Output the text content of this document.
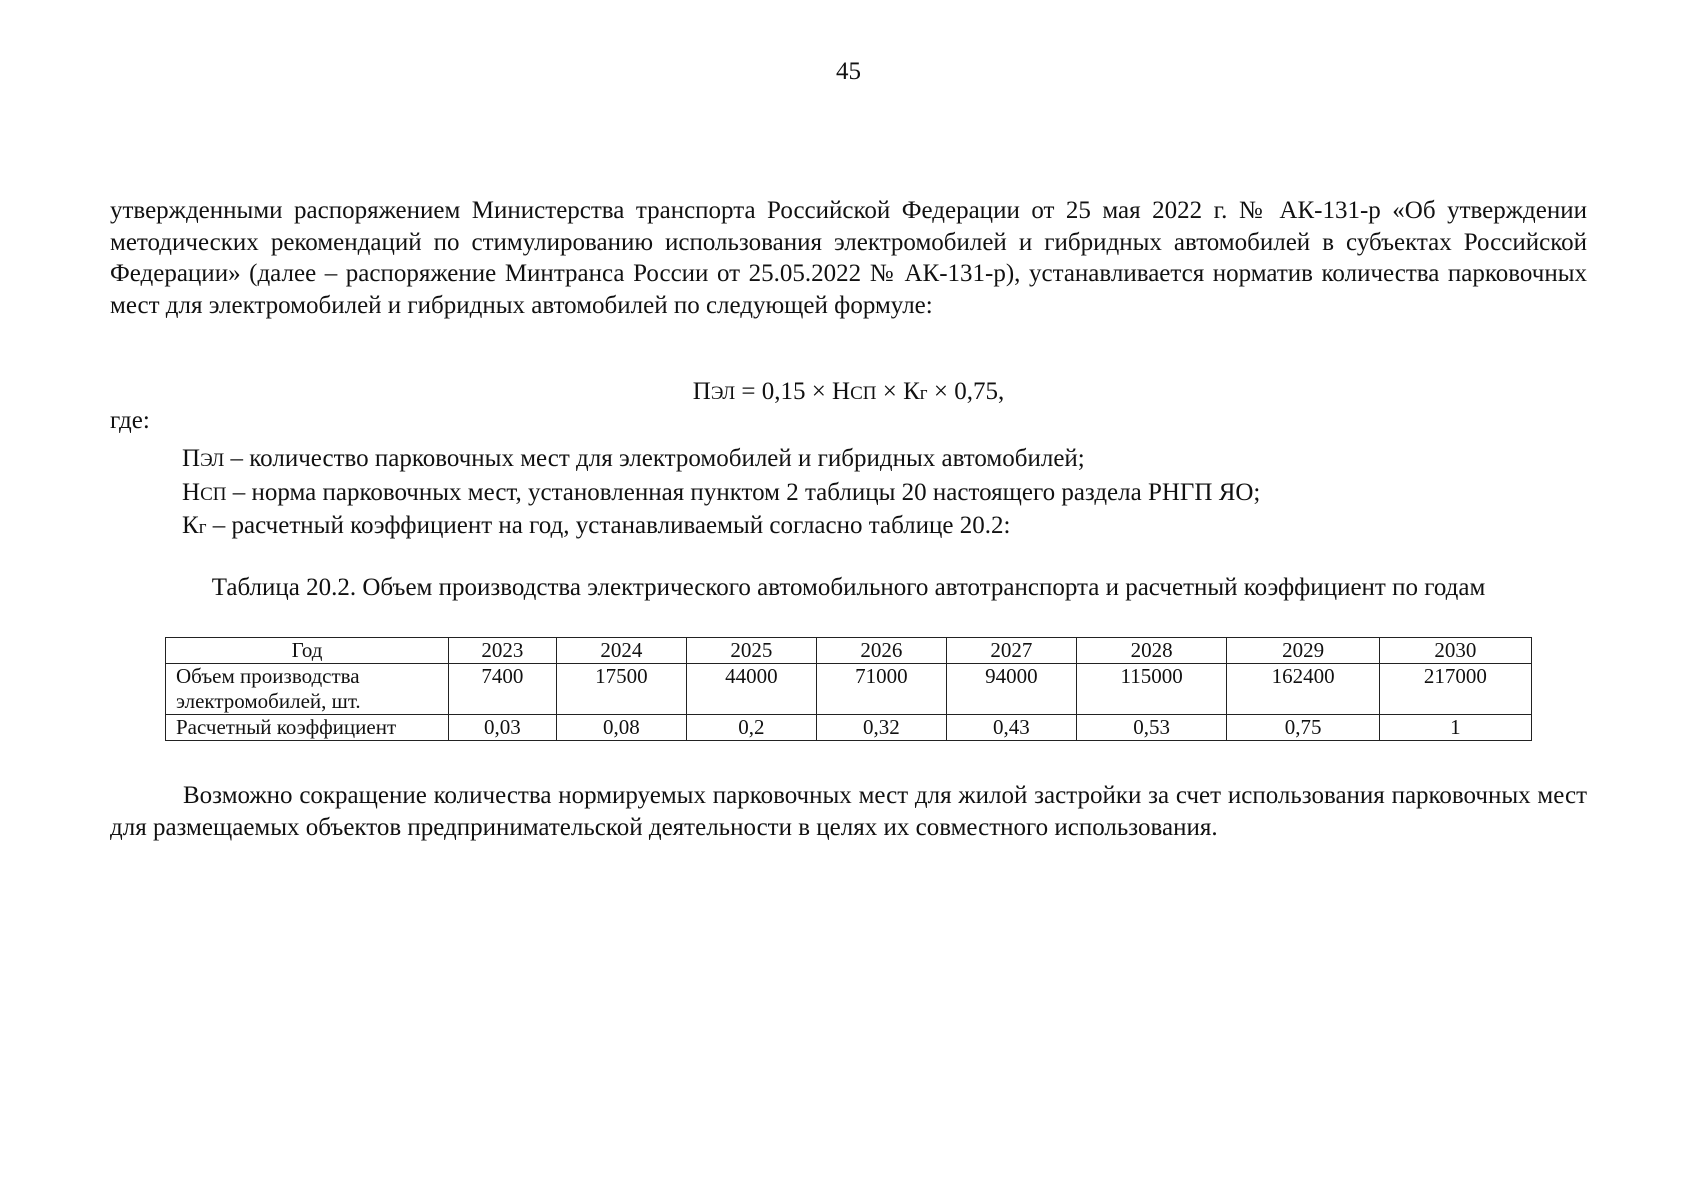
45
утвержденными распоряжением Министерства транспорта Российской Федерации от 25 мая 2022 г. № АК-131-р «Об утверждении методических рекомендаций по стимулированию использования электромобилей и гибридных автомобилей в субъектах Российской Федерации» (далее – распоряжение Минтранса России от 25.05.2022 № АК-131-р), устанавливается норматив количества парковочных мест для электромобилей и гибридных автомобилей по следующей формуле:
ПЭЛ = 0,15 × НСП × Кг × 0,75,
где:
ПЭЛ – количество парковочных мест для электромобилей и гибридных автомобилей;
НСП – норма парковочных мест, установленная пунктом 2 таблицы 20 настоящего раздела РНГП ЯО;
Кг – расчетный коэффициент на год, устанавливаемый согласно таблице 20.2:
Таблица 20.2. Объем производства электрического автомобильного автотранспорта и расчетный коэффициент по годам
Год	2023	2024	2025	2026	2027	2028	2029	2030
Объем производства электромобилей, шт.	7400	17500	44000	71000	94000	115000	162400	217000
Расчетный коэффициент	0,03	0,08	0,2	0,32	0,43	0,53	0,75	1
Возможно сокращение количества нормируемых парковочных мест для жилой застройки за счет использования парковочных мест для размещаемых объектов предпринимательской деятельности в целях их совместного использования.
